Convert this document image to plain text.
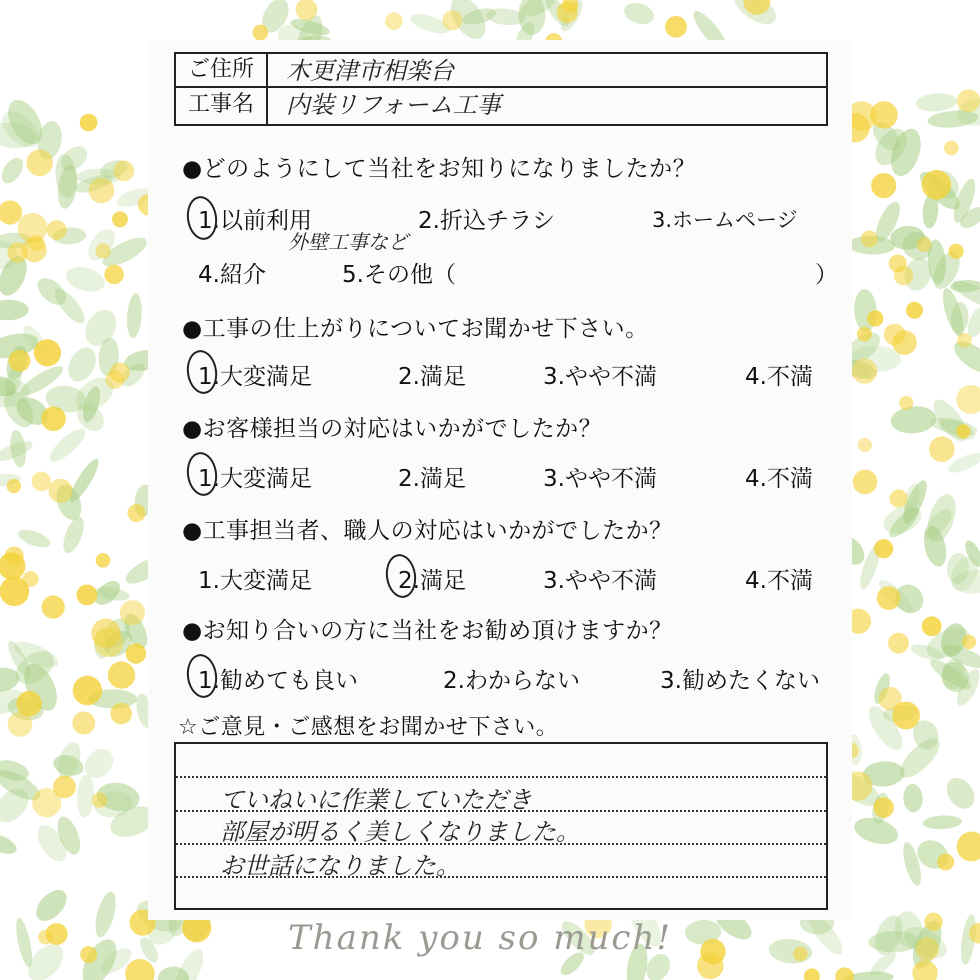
ご住所	木更津市相楽台
工事名	内装リフォーム工事
●どのようにして当社をお知りになりましたか？
1.以前利用	2.折込チラシ	3.ホームページ
4.紹介	5.その他（	）
外壁工事など
●工事の仕上がりについてお聞かせ下さい。
1.大変満足	2.満足	3.やや不満	4.不満
●お客様担当の対応はいかがでしたか？
1.大変満足	2.満足	3.やや不満	4.不満
●工事担当者、職人の対応はいかがでしたか？
1.大変満足	2.満足	3.やや不満	4.不満
●お知り合いの方に当社をお勧め頂けますか？
1.勧めても良い	2.わからない	3.勧めたくない
☆ご意見・ご感想をお聞かせ下さい。
ていねいに作業していただき
部屋が明るく美しくなりました。
お世話になりました。
Thank you so much!
